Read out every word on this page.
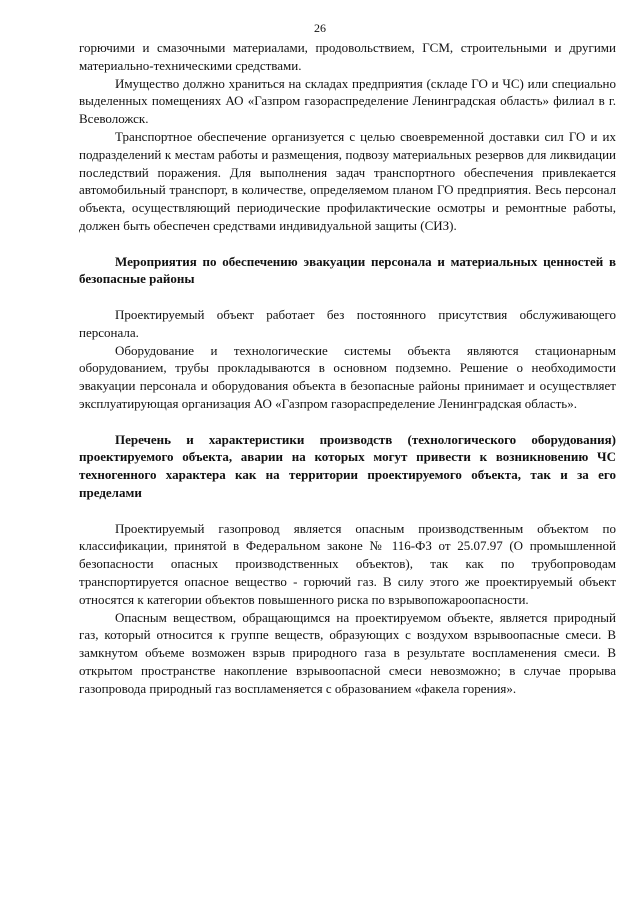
26

горючими и смазочными материалами, продовольствием, ГСМ, строительными и другими материально-техническими средствами.

Имущество должно храниться на складах предприятия (складе ГО и ЧС) или специально выделенных помещениях АО «Газпром газораспределение Ленинградская область» филиал в г. Всеволожск.

Транспортное обеспечение организуется с целью своевременной доставки сил ГО и их подразделений к местам работы и размещения, подвозу материальных резервов для ликвидации последствий поражения. Для выполнения задач транспортного обеспечения привлекается автомобильный транспорт, в количестве, определяемом планом ГО предприятия. Весь персонал объекта, осуществляющий периодические профилактические осмотры и ремонтные работы, должен быть обеспечен средствами индивидуальной защиты (СИЗ).

Мероприятия по обеспечению эвакуации персонала и материальных ценностей в безопасные районы

Проектируемый объект работает без постоянного присутствия обслуживающего персонала.

Оборудование и технологические системы объекта являются стационарным оборудованием, трубы прокладываются в основном подземно. Решение о необходимости эвакуации персонала и оборудования объекта в безопасные районы принимает и осуществляет эксплуатирующая организация АО «Газпром газораспределение Ленинградская область».

Перечень и характеристики производств (технологического оборудования) проектируемого объекта, аварии на которых могут привести к возникновению ЧС техногенного характера как на территории проектируемого объекта, так и за его пределами

Проектируемый газопровод является опасным производственным объектом по классификации, принятой в Федеральном законе № 116-ФЗ от 25.07.97 (О промышленной безопасности опасных производственных объектов), так как по трубопроводам транспортируется опасное вещество - горючий газ. В силу этого же проектируемый объект относятся к категории объектов повышенного риска по взрывопожароопасности.

Опасным веществом, обращающимся на проектируемом объекте, является природный газ, который относится к группе веществ, образующих с воздухом взрывоопасные смеси. В замкнутом объеме возможен взрыв природного газа в результате воспламенения смеси. В открытом пространстве накопление взрывоопасной смеси невозможно; в случае прорыва газопровода природный газ воспламеняется с образованием «факела горения».
